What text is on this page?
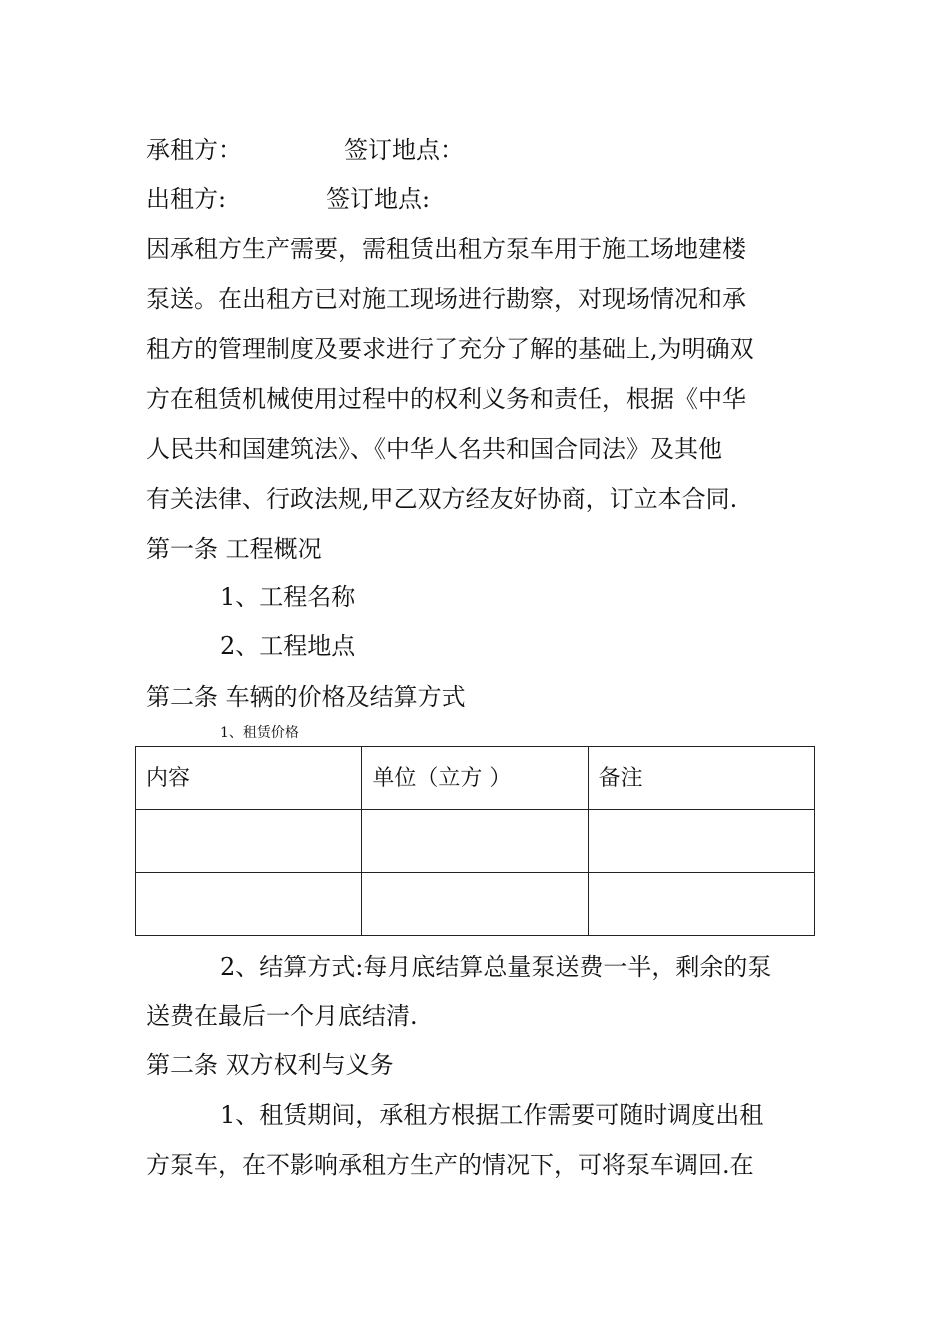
承租方：	签订地点：
出租方:	签订地点:
因承租方生产需要，需租赁出租方泵车用于施工场地建楼
泵送。在出租方已对施工现场进行勘察，对现场情况和承
租方的管理制度及要求进行了充分了解的基础上,为明确双
方在租赁机械使用过程中的权利义务和责任，根据《中华
人民共和国建筑法》、《中华人名共和国合同法》及其他
有关法律、行政法规,甲乙双方经友好协商，订立本合同.
第一条 工程概况
1、工程名称
2、工程地点
第二条 车辆的价格及结算方式
1、租赁价格
内容	单位（立方 ）	备注

2、结算方式:每月底结算总量泵送费一半，剩余的泵
送费在最后一个月底结清.
第二条 双方权利与义务
1、租赁期间，承租方根据工作需要可随时调度出租
方泵车，在不影响承租方生产的情况下，可将泵车调回.在
